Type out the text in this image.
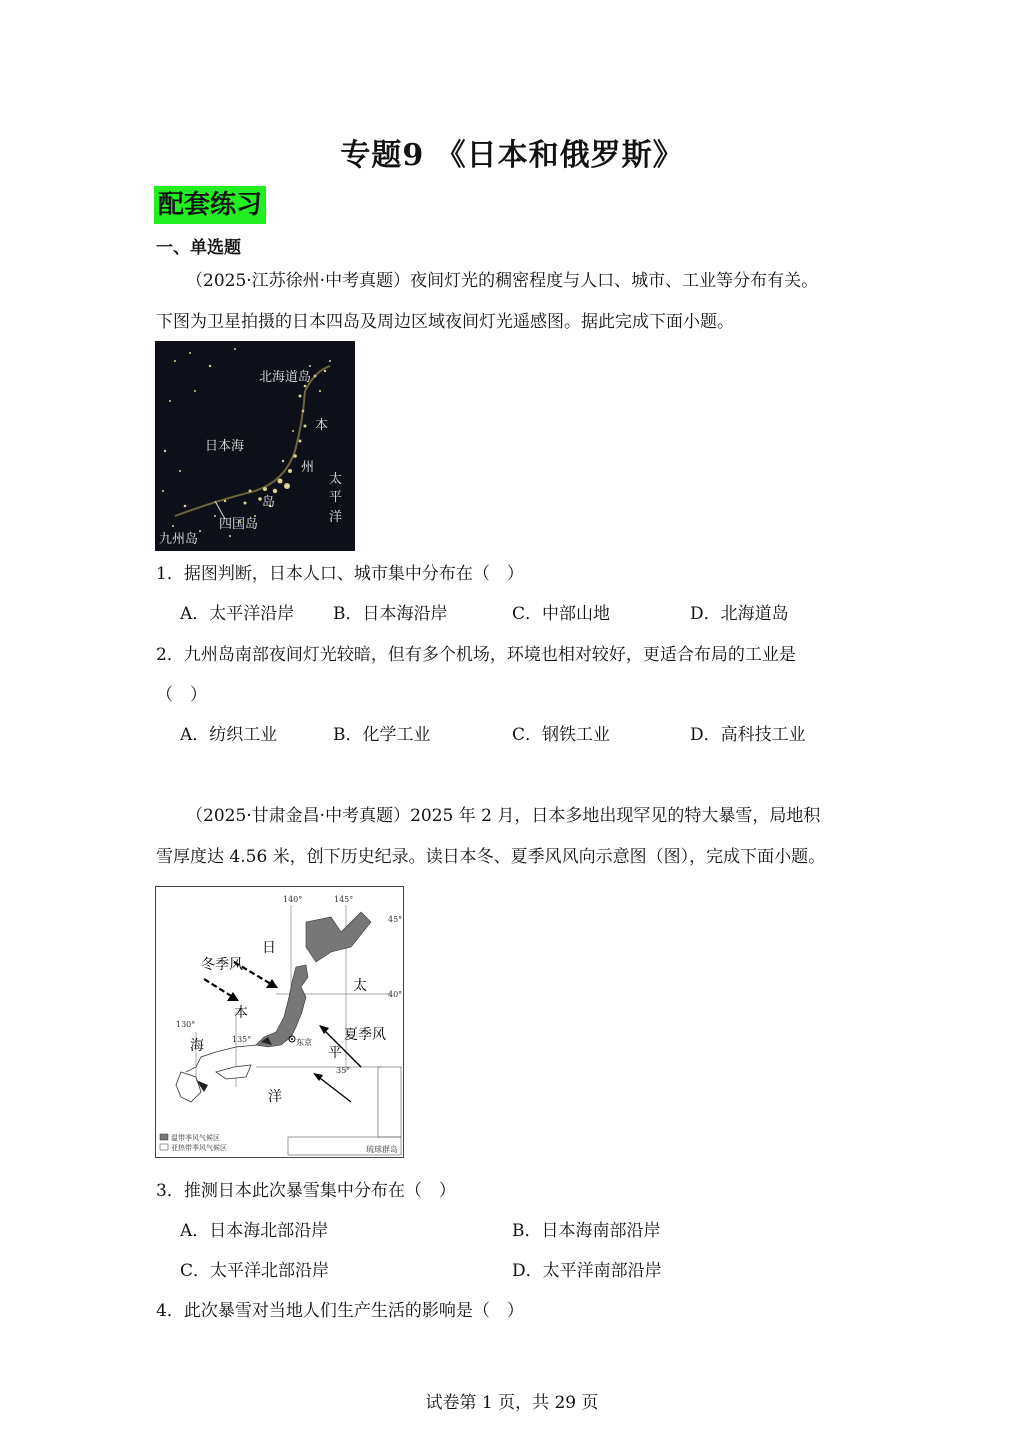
专题9 《日本和俄罗斯》
配套练习
一、单选题
（2025·江苏徐州·中考真题）夜间灯光的稠密程度与人口、城市、工业等分布有关。
下图为卫星拍摄的日本四岛及周边区域夜间灯光遥感图。据此完成下面小题。
北海道岛
本
州
岛
日本海
太
平
洋
四国岛
九州岛
1．据图判断，日本人口、城市集中分布在（　）
A．太平洋沿岸 B．日本海沿岸	C．中部山地	D．北海道岛
2．九州岛南部夜间灯光较暗，但有多个机场，环境也相对较好，更适合布局的工业是
（　）
A．纺织工业	B．化学工业	C．钢铁工业	D．高科技工业
（2025·甘肃金昌·中考真题）2025 年 2 月，日本多地出现罕见的特大暴雪，局地积
雪厚度达 4.56 米，创下历史纪录。读日本冬、夏季风风向示意图（图），完成下面小题。
140°	145°
130°
135°
45°
40°
35°
冬季风
夏季风
日
本
海
太
平
洋
东京
温带季风气候区
亚热带季风气候区	琉球群岛
3．推测日本此次暴雪集中分布在（　）
A．日本海北部沿岸	B．日本海南部沿岸
C．太平洋北部沿岸	D．太平洋南部沿岸
4．此次暴雪对当地人们生产生活的影响是（　）
试卷第 1 页，共 29 页
